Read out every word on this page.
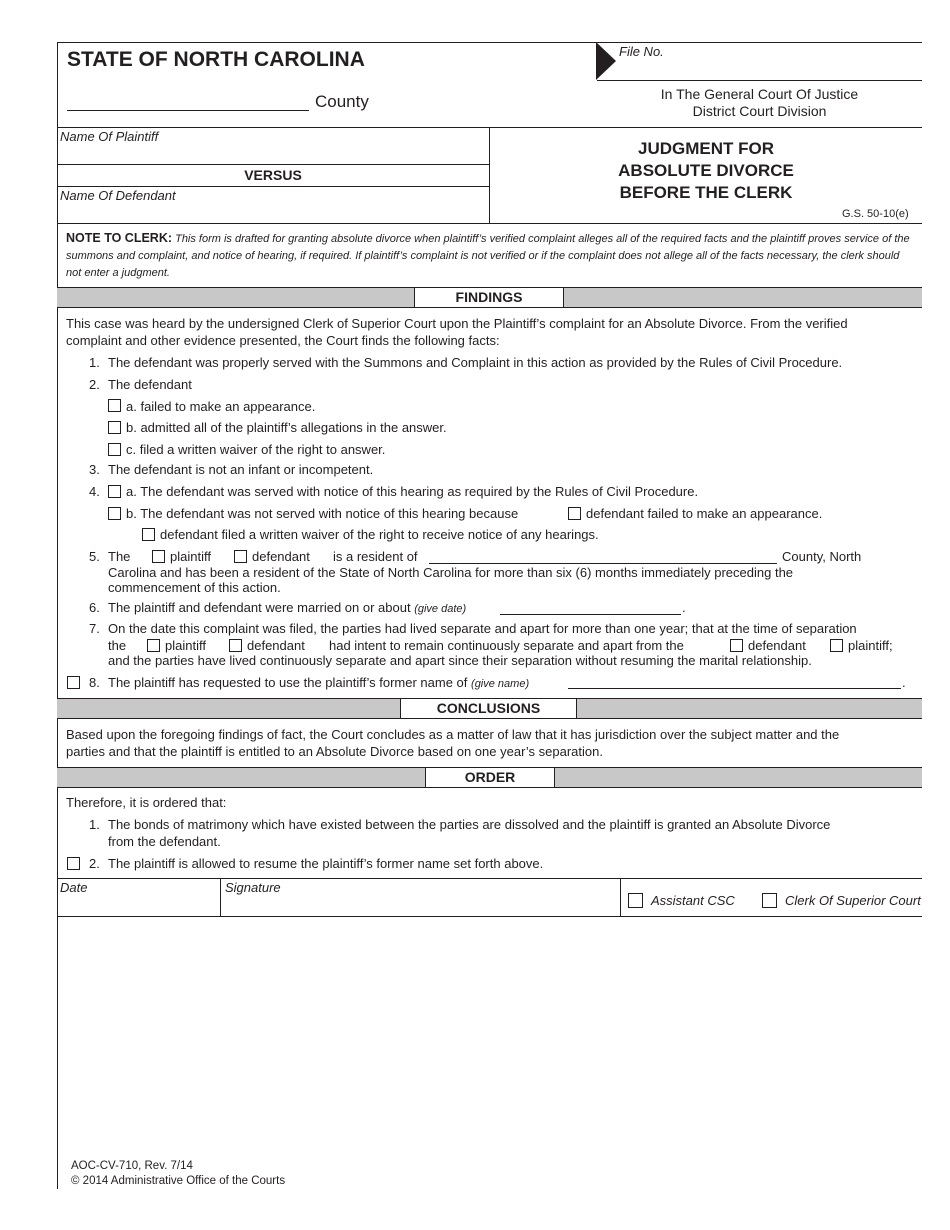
STATE OF NORTH CAROLINA
County
File No.
In The General Court Of Justice
District Court Division
Name Of Plaintiff
VERSUS
Name Of Defendant
JUDGMENT FOR
ABSOLUTE DIVORCE
BEFORE THE CLERK
G.S. 50-10(e)
NOTE TO CLERK: This form is drafted for granting absolute divorce when plaintiff’s verified complaint alleges all of the required facts and the plaintiff proves service of the summons and complaint, and notice of hearing, if required. If plaintiff’s complaint is not verified or if the complaint does not allege all of the facts necessary, the clerk should not enter a judgment.
FINDINGS
This case was heard by the undersigned Clerk of Superior Court upon the Plaintiff’s complaint for an Absolute Divorce. From the verified
complaint and other evidence presented, the Court finds the following facts:
1. The defendant was properly served with the Summons and Complaint in this action as provided by the Rules of Civil Procedure.
2. The defendant
a. failed to make an appearance.
b. admitted all of the plaintiff’s allegations in the answer.
c. filed a written waiver of the right to answer.
3. The defendant is not an infant or incompetent.
4. a. The defendant was served with notice of this hearing as required by the Rules of Civil Procedure.
b. The defendant was not served with notice of this hearing because	defendant failed to make an appearance.
defendant filed a written waiver of the right to receive notice of any hearings.
5. The	plaintiff	defendant is a resident of	County, North
Carolina and has been a resident of the State of North Carolina for more than six (6) months immediately preceding the
commencement of this action.
6. The plaintiff and defendant were married on or about (give date)	.
7. On the date this complaint was filed, the parties had lived separate and apart for more than one year; that at the time of separation
the	plaintiff	defendant had intent to remain continuously separate and apart from the	defendant	plaintiff;
and the parties have lived continuously separate and apart since their separation without resuming the marital relationship.
8. The plaintiff has requested to use the plaintiff’s former name of (give name)	.
CONCLUSIONS
Based upon the foregoing findings of fact, the Court concludes as a matter of law that it has jurisdiction over the subject matter and the
parties and that the plaintiff is entitled to an Absolute Divorce based on one year’s separation.
ORDER
Therefore, it is ordered that:
1. The bonds of matrimony which have existed between the parties are dissolved and the plaintiff is granted an Absolute Divorce
from the defendant.
2. The plaintiff is allowed to resume the plaintiff’s former name set forth above.
Date	Signature
Assistant CSC	Clerk Of Superior Court
AOC-CV-710, Rev. 7/14
© 2014 Administrative Office of the Courts
